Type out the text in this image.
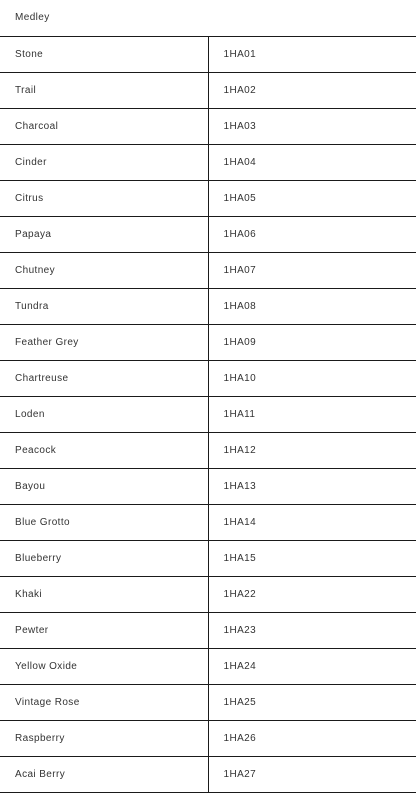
Medley	
Stone	1HA01
Trail	1HA02
Charcoal	1HA03
Cinder	1HA04
Citrus	1HA05
Papaya	1HA06
Chutney	1HA07
Tundra	1HA08
Feather Grey	1HA09
Chartreuse	1HA10
Loden	1HA11
Peacock	1HA12
Bayou	1HA13
Blue Grotto	1HA14
Blueberry	1HA15
Khaki	1HA22
Pewter	1HA23
Yellow Oxide	1HA24
Vintage Rose	1HA25
Raspberry	1HA26
Acai Berry	1HA27
